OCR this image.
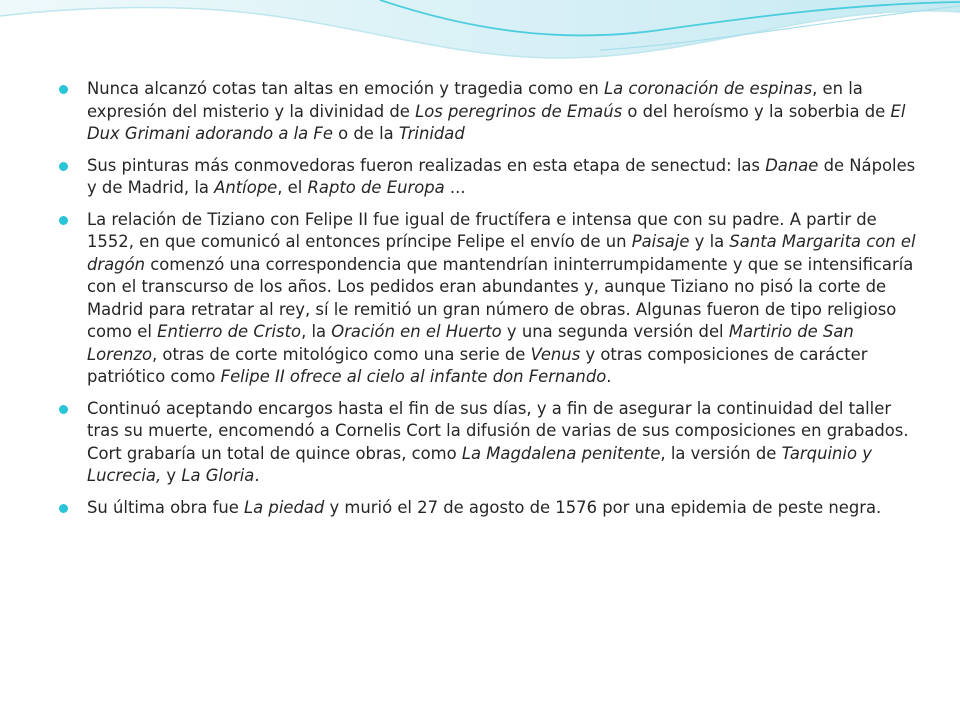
Nunca alcanzó cotas tan altas en emoción y tragedia como en La coronación de espinas, en la expresión del misterio y la divinidad de Los peregrinos de Emaús o del heroísmo y la soberbia de El Dux Grimani adorando a la Fe o de la Trinidad
Sus pinturas más conmovedoras fueron realizadas en esta etapa de senectud: las Danae de Nápoles y de Madrid, la Antíope, el Rapto de Europa ...
La relación de Tiziano con Felipe II fue igual de fructífera e intensa que con su padre. A partir de 1552, en que comunicó al entonces príncipe Felipe el envío de un Paisaje y la Santa Margarita con el dragón comenzó una correspondencia que mantendrían ininterrumpidamente y que se intensificaría con el transcurso de los años. Los pedidos eran abundantes y, aunque Tiziano no pisó la corte de Madrid para retratar al rey, sí le remitió un gran número de obras. Algunas fueron de tipo religioso como el Entierro de Cristo, la Oración en el Huerto y una segunda versión del Martirio de San Lorenzo, otras de corte mitológico como una serie de Venus y otras composiciones de carácter patriótico como Felipe II ofrece al cielo al infante don Fernando.
Continuó aceptando encargos hasta el fin de sus días, y a fin de asegurar la continuidad del taller tras su muerte, encomendó a Cornelis Cort la difusión de varias de sus composiciones en grabados. Cort grabaría un total de quince obras, como La Magdalena penitente, la versión de Tarquinio y Lucrecia, y La Gloria.
Su última obra fue La piedad y murió el 27 de agosto de 1576 por una epidemia de peste negra.
